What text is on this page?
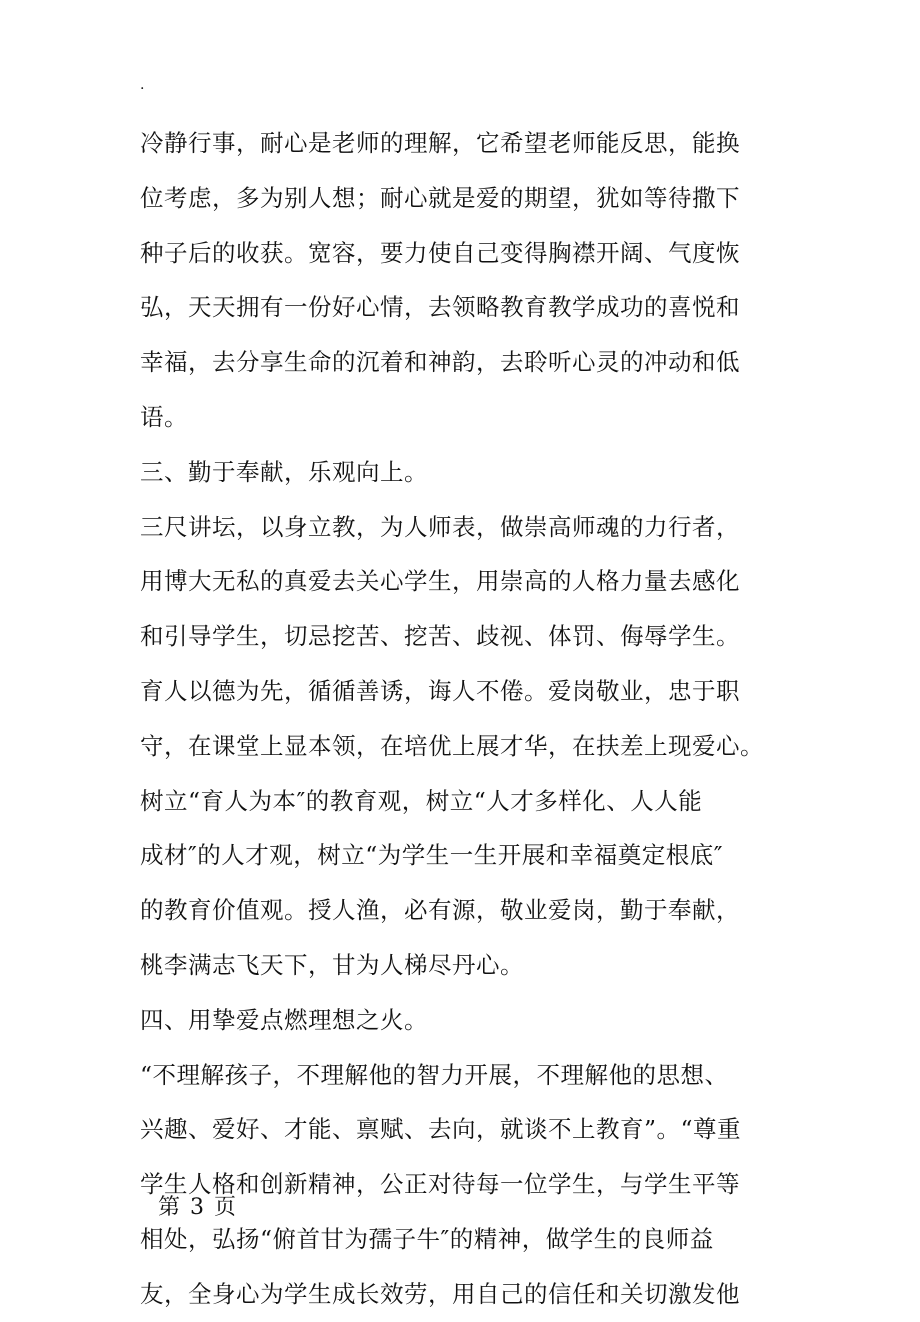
.
冷静行事，耐心是老师的理解，它希望老师能反思，能换
位考虑，多为别人想；耐心就是爱的期望，犹如等待撒下
种子后的收获。宽容，要力使自己变得胸襟开阔、气度恢
弘，天天拥有一份好心情，去领略教育教学成功的喜悦和
幸福，去分享生命的沉着和神韵，去聆听心灵的冲动和低
语。
三、勤于奉献，乐观向上。
三尺讲坛，以身立教，为人师表，做崇高师魂的力行者，
用博大无私的真爱去关心学生，用崇高的人格力量去感化
和引导学生，切忌挖苦、挖苦、歧视、体罚、侮辱学生。
育人以德为先，循循善诱，诲人不倦。爱岗敬业，忠于职
守，在课堂上显本领，在培优上展才华，在扶差上现爱心。
树立“育人为本″的教育观，树立“人才多样化、人人能
成材″的人才观，树立“为学生一生开展和幸福奠定根底″
的教育价值观。授人渔，必有源，敬业爱岗，勤于奉献，
桃李满志飞天下，甘为人梯尽丹心。
四、用挚爱点燃理想之火。
“不理解孩子，不理解他的智力开展，不理解他的思想、
兴趣、爱好、才能、禀赋、去向，就谈不上教育”。“尊重
学生人格和创新精神，公正对待每一位学生，与学生平等
相处，弘扬“俯首甘为孺子牛″的精神，做学生的良师益
友，全身心为学生成长效劳，用自己的信任和关切激发他
第 3 页
